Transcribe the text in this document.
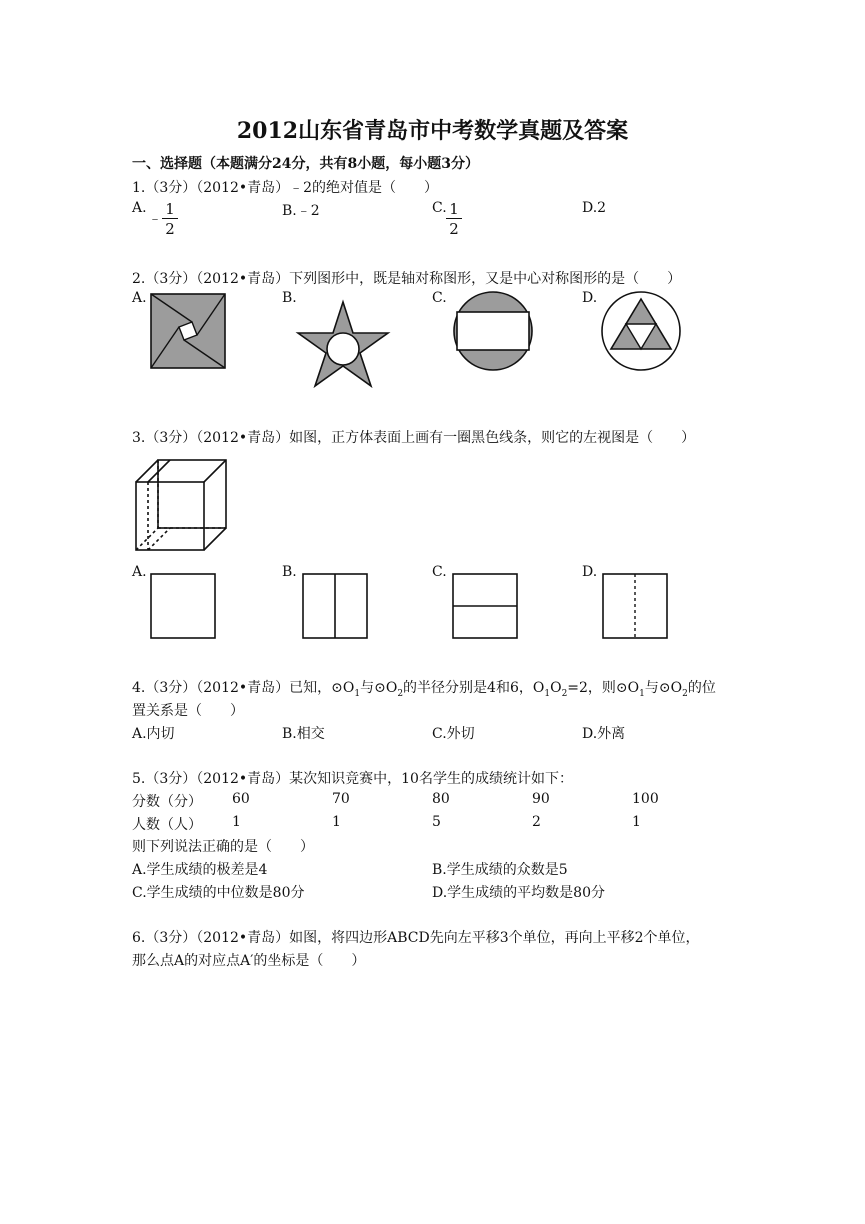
2012山东省青岛市中考数学真题及答案
一、选择题（本题满分24分，共有8小题，每小题3分）
1.（3分）（2012•青岛）﹣2的绝对值是（　　）
A.
﹣ $\frac{1}{2}$	B.﹣2	C. $\frac{1}{2}$	D.2
2.（3分）（2012•青岛）下列图形中，既是轴对称图形，又是中心对称图形的是（　　）
A.	B.	C.	D.
3.（3分）（2012•青岛）如图，正方体表面上画有一圈黑色线条，则它的左视图是（　　）
A.	B.	C.	D.
4.（3分）（2012•青岛）已知，$⊙O_1$与$⊙O_2$的半径分别是4和6，$O_1O_2=2$，则$⊙O_1$与$⊙O_2$的位
置关系是（　　）
A.内切	B.相交	C.外切	D.外离
5.（3分）（2012•青岛）某次知识竞赛中，10名学生的成绩统计如下：
分数（分） 60	70	80	90	100
人数（人） 1	1	5	2	1
则下列说法正确的是（　　）
A.学生成绩的极差是4	B.学生成绩的众数是5
C.学生成绩的中位数是80分	D.学生成绩的平均数是80分
6.（3分）（2012•青岛）如图，将四边形ABCD先向左平移3个单位，再向上平移2个单位，
那么点A的对应点A′的坐标是（　　）
